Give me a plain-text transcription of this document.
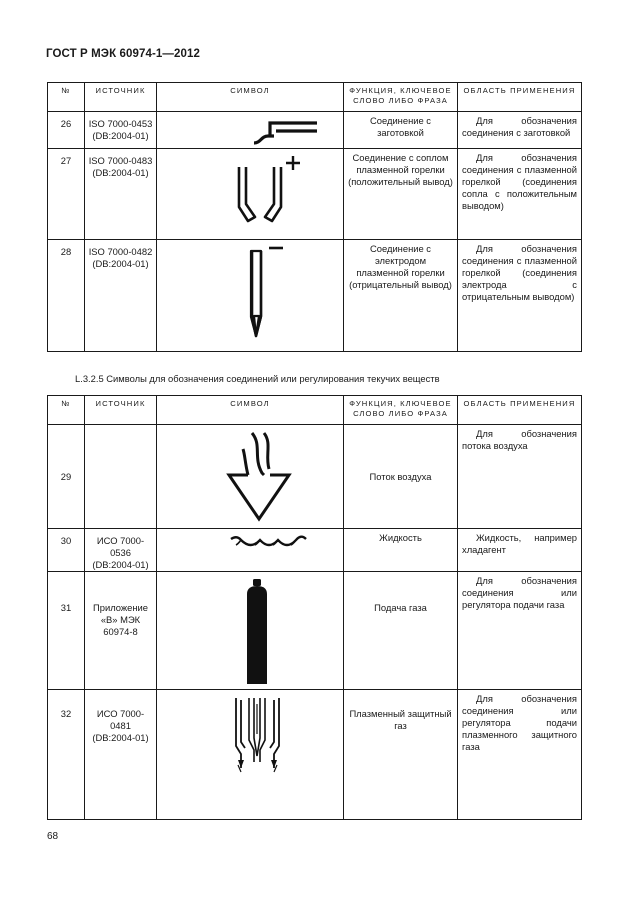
ГОСТ Р МЭК 60974-1—2012
№	ИСТОЧНИК	СИМВОЛ	ФУНКЦИЯ, КЛЮЧЕВОЕ СЛОВО ЛИБО ФРАЗА	ОБЛАСТЬ ПРИМЕНЕНИЯ
26	ISO 7000-0453 (DB:2004-01)		Соединение с заготовкой	Для обозначения соединения с заготовкой
27	ISO 7000-0483 (DB:2004-01)		Соединение с соплом плазменной горелки (положительный вывод)	Для обозначения соединения с плазменной горелкой (соединения сопла с положительным выводом)
28	ISO 7000-0482 (DB:2004-01)		Соединение с электродом плазменной горелки (отрицательный вывод)	Для обозначения соединения с плазменной горелкой (соединения электрода с отрицательным выводом)
L.3.2.5 Символы для обозначения соединений или регулирования текучих веществ
№	ИСТОЧНИК	СИМВОЛ	ФУНКЦИЯ, КЛЮЧЕВОЕ СЛОВО ЛИБО ФРАЗА	ОБЛАСТЬ ПРИМЕНЕНИЯ
29			Поток воздуха	Для обозначения потока воздуха
30	ИСО 7000-0536 (DB:2004-01)		Жидкость	Жидкость, например хладагент
31	Приложение «В» МЭК 60974-8		Подача газа	Для обозначения соединения или регулятора подачи газа
32	ИСО 7000-0481 (DB:2004-01)		Плазменный защитный газ	Для обозначения соединения или регулятора подачи плазменного защитного газа
68
